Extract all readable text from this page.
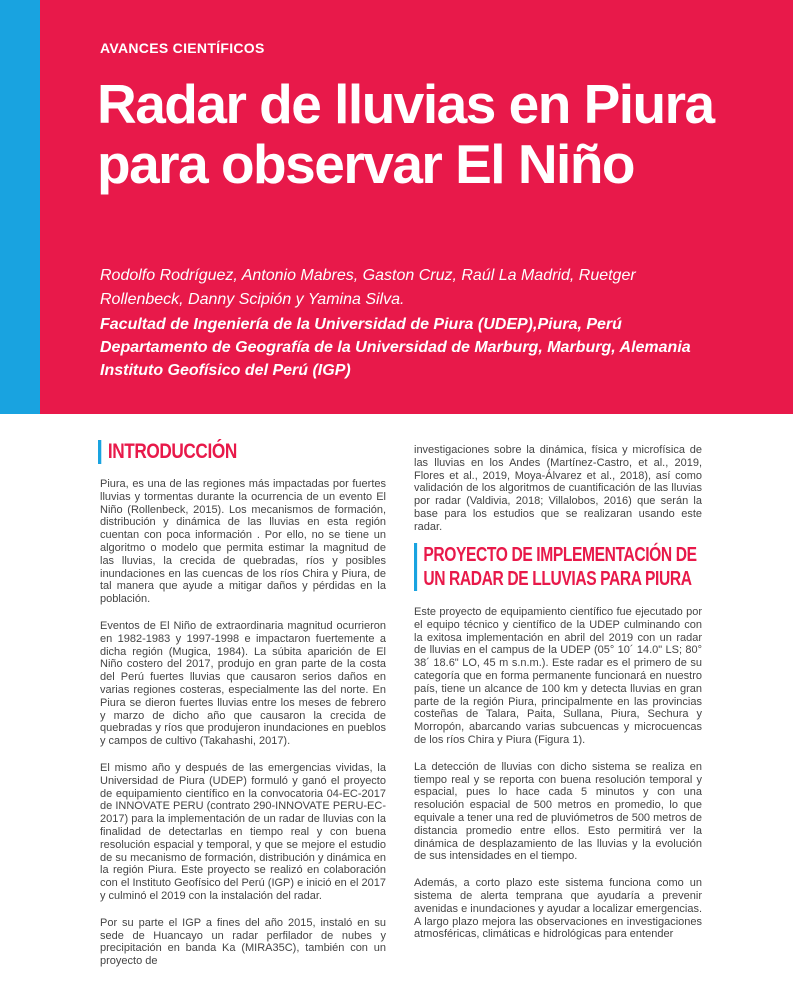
AVANCES CIENTÍFICOS
Radar de lluvias en Piura para observar El Niño
Rodolfo Rodríguez, Antonio Mabres, Gaston Cruz, Raúl La Madrid, Ruetger Rollenbeck, Danny Scipión y Yamina Silva.
Facultad de Ingeniería de la Universidad de Piura (UDEP),Piura, Perú
Departamento de Geografía de la Universidad de Marburg, Marburg, Alemania
Instituto Geofísico del Perú (IGP)
INTRODUCCIÓN

Piura, es una de las regiones más impactadas por fuertes lluvias y tormentas durante la ocurrencia de un evento El Niño (Rollenbeck, 2015). Los mecanismos de formación, distribución y dinámica de las lluvias en esta región cuentan con poca información . Por ello, no se tiene un algoritmo o modelo que permita estimar la magnitud de las lluvias, la crecida de quebradas, ríos y posibles inundaciones en las cuencas de los ríos Chira y Piura, de tal manera que ayude a mitigar daños y pérdidas en la población.

Eventos de El Niño de extraordinaria magnitud ocurrieron en 1982-1983 y 1997-1998 e impactaron fuertemente a dicha región (Mugica, 1984). La súbita aparición de El Niño costero del 2017, produjo en gran parte de la costa del Perú fuertes lluvias que causaron serios daños en varias regiones costeras, especialmente las del norte. En Piura se dieron fuertes lluvias entre los meses de febrero y marzo de dicho año que causaron la crecida de quebradas y ríos que produjeron inundaciones en pueblos y campos de cultivo (Takahashi, 2017).

El mismo año y después de las emergencias vividas, la Universidad de Piura (UDEP) formuló y ganó el proyecto de equipamiento científico en la convocatoria 04-EC-2017 de INNOVATE PERU (contrato 290-INNOVATE PERU-EC-2017) para la implementación de un radar de lluvias con la finalidad de detectarlas en tiempo real y con buena resolución espacial y temporal, y que se mejore el estudio de su mecanismo de formación, distribución y dinámica en la región Piura. Este proyecto se realizó en colaboración con el Instituto Geofísico del Perú (IGP) e inició en el 2017 y culminó el 2019 con la instalación del radar.

Por su parte el IGP a fines del año 2015, instaló en su sede de Huancayo un radar perfilador de nubes y precipitación en banda Ka (MIRA35C), también con un proyecto de

investigaciones sobre la dinámica, física y microfísica de las lluvias en los Andes (Martínez-Castro, et al., 2019, Flores et al., 2019, Moya-Álvarez et al., 2018), así como validación de los algoritmos de cuantificación de las lluvias por radar (Valdivia, 2018; Villalobos, 2016) que serán la base para los estudios que se realizaran usando este radar.

PROYECTO DE IMPLEMENTACIÓN DE
UN RADAR DE LLUVIAS PARA PIURA

Este proyecto de equipamiento científico fue ejecutado por el equipo técnico y científico de la UDEP culminando con la exitosa implementación en abril del 2019 con un radar de lluvias en el campus de la UDEP (05° 10´ 14.0" LS; 80° 38´ 18.6" LO, 45 m s.n.m.). Este radar es el primero de su categoría que en forma permanente funcionará en nuestro país, tiene un alcance de 100 km y detecta lluvias en gran parte de la región Piura, principalmente en las provincias costeñas de Talara, Paita, Sullana, Piura, Sechura y Morropón, abarcando varias subcuencas y microcuencas de los ríos Chira y Piura (Figura 1).

La detección de lluvias con dicho sistema se realiza en tiempo real y se reporta con buena resolución temporal y espacial, pues lo hace cada 5 minutos y con una resolución espacial de 500 metros en promedio, lo que equivale a tener una red de pluviómetros de 500 metros de distancia promedio entre ellos. Esto permitirá ver la dinámica de desplazamiento de las lluvias y la evolución de sus intensidades en el tiempo.

Además, a corto plazo este sistema funciona como un sistema de alerta temprana que ayudaría a prevenir avenidas e inundaciones y ayudar a localizar emergencias. A largo plazo mejora las observaciones en investigaciones atmosféricas, climáticas e hidrológicas para entender
